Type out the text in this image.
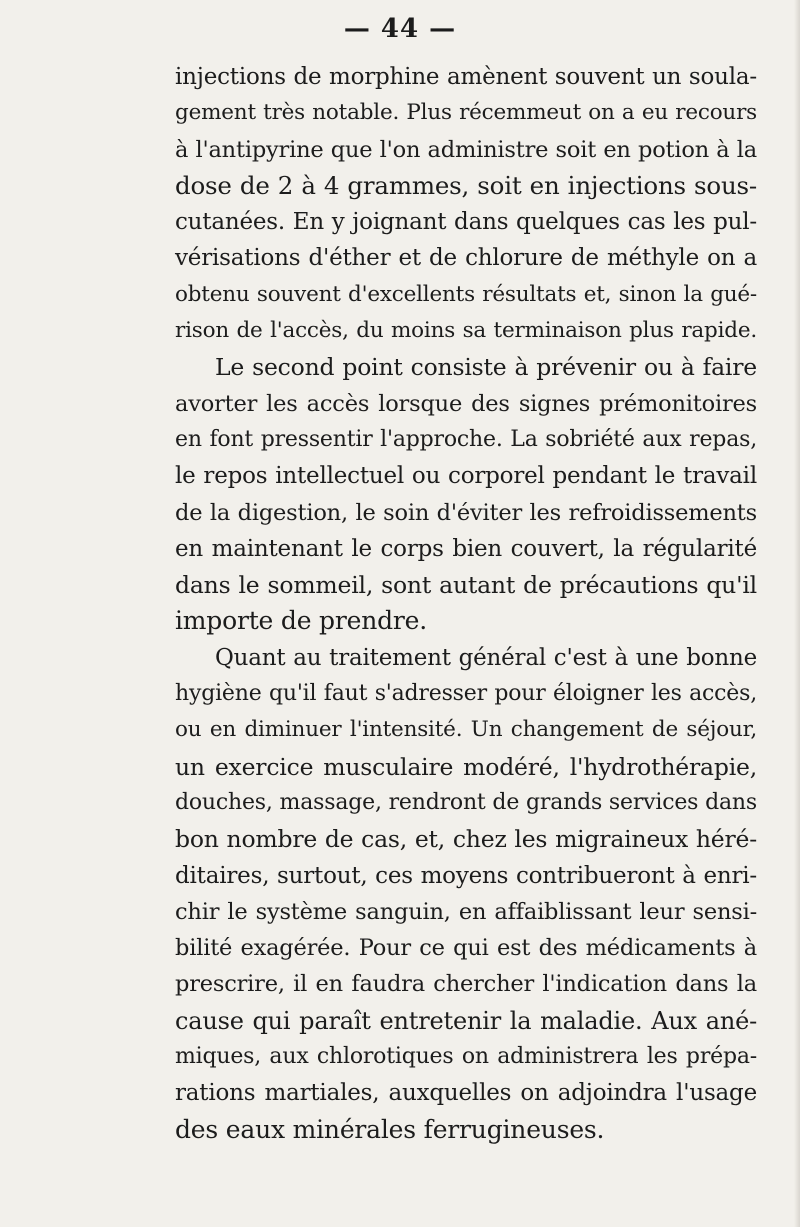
— 44 —
injections de morphine amènent souvent un soula-
gement très notable. Plus récemmeut on a eu recours
à l'antipyrine que l'on administre soit en potion à la
dose de 2 à 4 grammes, soit en injections sous-
cutanées. En y joignant dans quelques cas les pul-
vérisations d'éther et de chlorure de méthyle on a
obtenu souvent d'excellents résultats et, sinon la gué-
rison de l'accès, du moins sa terminaison plus rapide.
Le second point consiste à prévenir ou à faire
avorter les accès lorsque des signes prémonitoires
en font pressentir l'approche. La sobriété aux repas,
le repos intellectuel ou corporel pendant le travail
de la digestion, le soin d'éviter les refroidissements
en maintenant le corps bien couvert, la régularité
dans le sommeil, sont autant de précautions qu'il
importe de prendre.
Quant au traitement général c'est à une bonne
hygiène qu'il faut s'adresser pour éloigner les accès,
ou en diminuer l'intensité. Un changement de séjour,
un exercice musculaire modéré, l'hydrothérapie,
douches, massage, rendront de grands services dans
bon nombre de cas, et, chez les migraineux héré-
ditaires, surtout, ces moyens contribueront à enri-
chir le système sanguin, en affaiblissant leur sensi-
bilité exagérée. Pour ce qui est des médicaments à
prescrire, il en faudra chercher l'indication dans la
cause qui paraît entretenir la maladie. Aux ané-
miques, aux chlorotiques on administrera les prépa-
rations martiales, auxquelles on adjoindra l'usage
des eaux minérales ferrugineuses.
